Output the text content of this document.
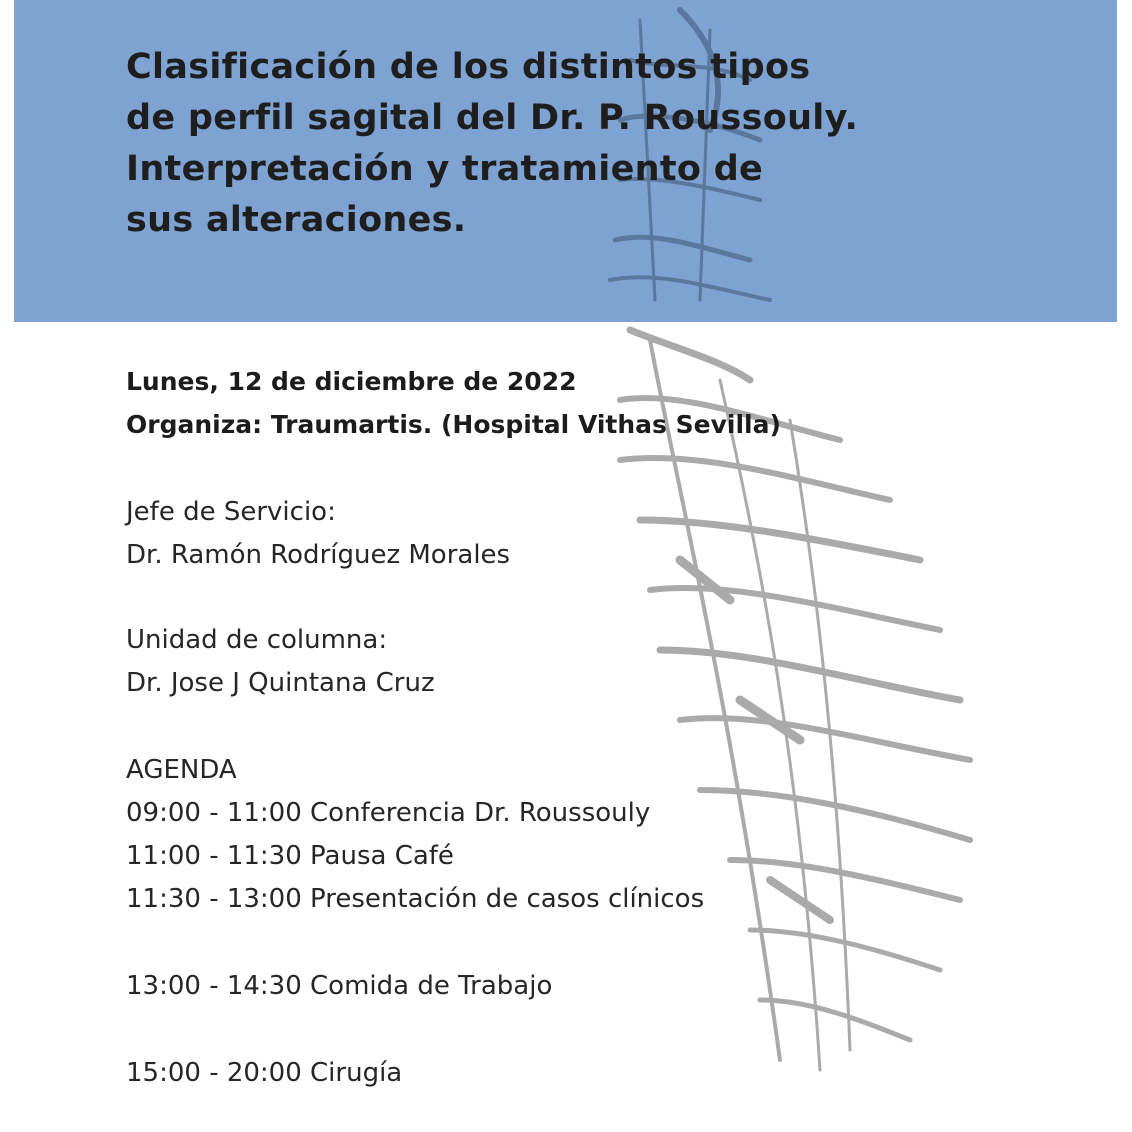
Clasificación de los distintos tipos
de perfil sagital del Dr. P. Roussouly.
Interpretación y tratamiento de
sus alteraciones.
Lunes, 12 de diciembre de 2022
Organiza: Traumartis. (Hospital Vithas Sevilla)
Jefe de Servicio:
Dr. Ramón Rodríguez Morales
Unidad de columna:
Dr. Jose J Quintana Cruz
AGENDA
09:00 - 11:00 Conferencia Dr. Roussouly
11:00 - 11:30 Pausa Café
11:30 - 13:00 Presentación de casos clínicos
13:00 - 14:30 Comida de Trabajo
15:00 - 20:00 Cirugía
